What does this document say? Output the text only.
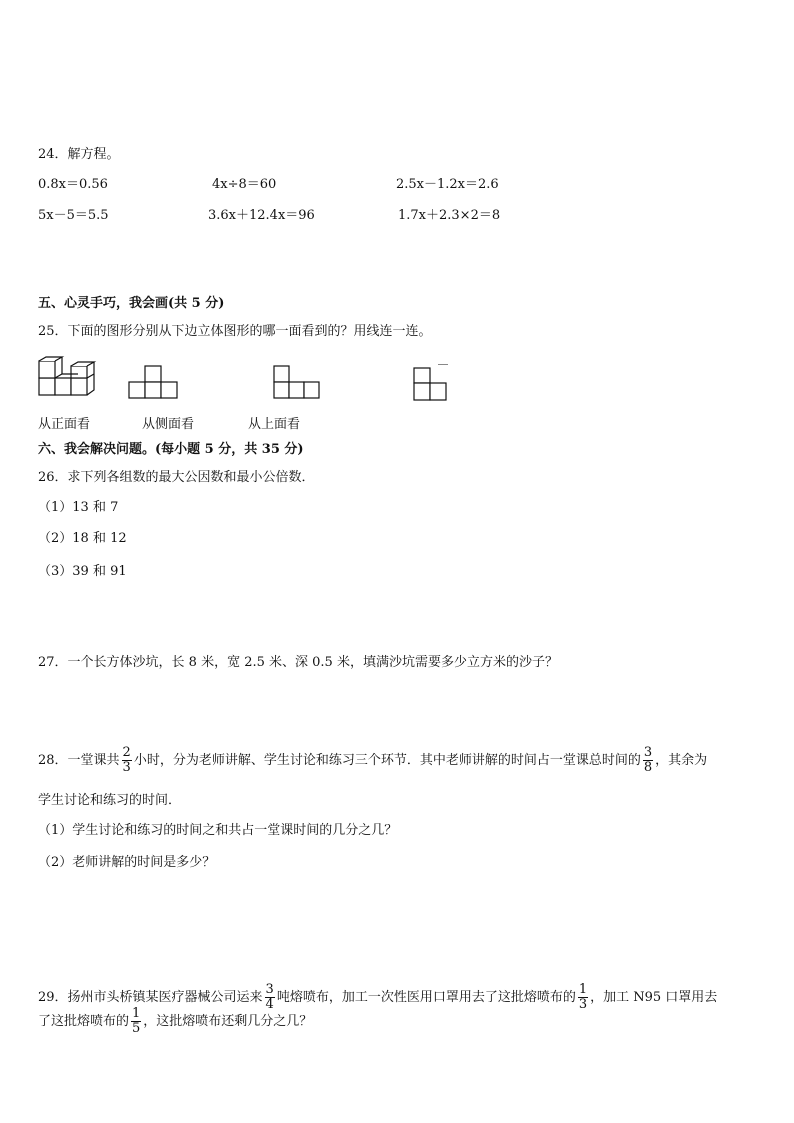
24．解方程。
0.8x＝0.56	4x÷8＝60	2.5x－1.2x＝2.6
5x－5＝5.5	3.6x＋12.4x＝96	1.7x＋2.3×2＝8
五、心灵手巧，我会画(共 5 分)
25．下面的图形分别从下边立体图形的哪一面看到的？用线连一连。
从正面看	从侧面看	从上面看
六、我会解决问题。(每小题 5 分，共 35 分)
26．求下列各组数的最大公因数和最小公倍数．
（1）13 和 7
（2）18 和 12
（3）39 和 91
27．一个长方体沙坑，长 8 米，宽 2.5 米、深 0.5 米，填满沙坑需要多少立方米的沙子？
28．一堂课共 $\frac{2}{3}$ 小时，分为老师讲解、学生讨论和练习三个环节．其中老师讲解的时间占一堂课总时间的 $\frac{3}{8}$ ，其余为
学生讨论和练习的时间．
（1）学生讨论和练习的时间之和共占一堂课时间的几分之几？
（2）老师讲解的时间是多少？
29．扬州市头桥镇某医疗器械公司运来 $\frac{3}{4}$ 吨熔喷布，加工一次性医用口罩用去了这批熔喷布的 $\frac{1}{3}$ ，加工 N95 口罩用去
了这批熔喷布的 $\frac{1}{5}$ ，这批熔喷布还剩几分之几？
